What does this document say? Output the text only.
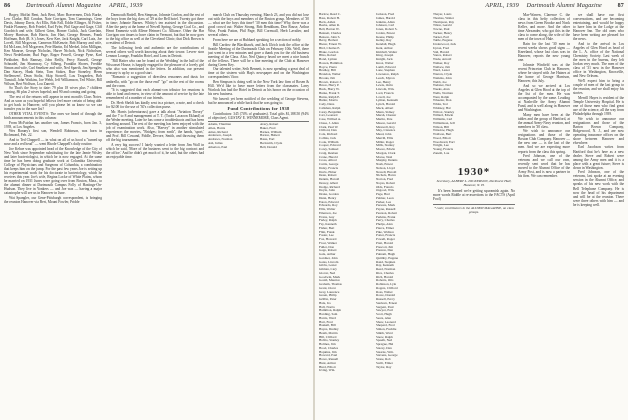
86	Dartmouth Alumni Magazine APRIL, 1939

Bogey, Moffat Bent, Jack Bent, Marc Bravermen, Dick Burke, Lew Clarke, Bill Condon, Nate Corrigan, Tom Cummings, Gene Davis, Johnny Davis, Art Ellis, Bob Fall, Eddie Ellinger, Al Fisher, Finkle Flannery, Bob Friedel, Earl Fyler, Phil Gage and Gage, Cliff Goodrich and wife, Gilbert Grim, Homer Gulick, Jack Guerlain, Morey Harrison, Bob Harris, Jim Hart, George Hennes, Frank Hoffman, Bob (R. S.) Jones, Kew Kee, Jack Knight, Carl Lutz, Joe Lovell, Bill Mcgowan, Cameron McKenzie, Bob Murray and wife, Ed McLean, Jeff Mcgavern, Pete Martin, Ed Merkel, John Milligan, Ken Munroe, George Nicholas, Harve Nichols, Nick Nicholson, Newt Nedeflanter, Bud Page, Roger Powell, George Pyne, Karl Piekhaber, Bob Ramsay, John Reilly, Percy Russell, George Schnadel, Jim Shumway, Cy Silberg, Franklin Shores, Freddie Simon and wife, Carl Smeltzer and wife, Ned Spaeth, Jim Spengler, Dan Stacey, Hank Stein, Tom Stokes, Burr Stoneley, Herm Stellenwerf, Dean Stoltz, Skip Stowell, Lou Teagarden, Bob Tunstall, John Watkins, Joe Webb, Jeff Williamson, Ted White, Bill Wilson, Bert Wolfson, Lou Zanetti.

So That's the Story to date: 79 plus 18 wives plus 7 children coming, 86 plus 2 wives hopeful; and 90 and coming and going.

The rest of the returns will appear in next month's Class Notes. And as soon as you hopeful fellows feel more certain of being able to get back to Hanover, will you please let us know so we can transfer you to the sure list?

OTHER VITAL EVENTS: The ones we heard of through the birth announcements in this column:

From McFairlan has another son, James Francis, born Jan. 3, 1939, at Los Angeles.

Wes Barany's first son, Wendell Robinson, was born in Richmond, Feb. 22.

And to Ted Chappell — in what on all of us hood a "turned up nose and a red head" — went Rhode Chappell's daily routine.

Joe Kehoe was appointed head of the Knowledge of the City of New York since September substituting for the late Jamie Wisley and later bacteriologist, in which he is now engaged. At the same time he has been doing graduate work at Columbia University College of Physicians and Surgeons of Columbia, a combination that keeps him on the jump. For the past few years Joe is setting up his experimental work for his doctorate in bacteriology, which he receives this year. Joe's wife, Regina Locke of White Plains, whom he married on 1931 Junes were going over from Boston, Mass., to the alumni dinner at Dartmouth Campus Folly of Hastings-On-Hudson. They live in Yonkers — and Joe was — having a major catastrophe will see us in Hanover in June.

Wat Spangler, our Gene-Pittsburgh correspondent, is bringing the reunion Hanover via Bert, Mount Fowler, Pridde

Darmouth Bodell, Ben Simpson, Johnnie Conlon, and the rest of the boys from the big class of '29 at the Bell hotel. Twenty got there in time; Johnnie Barnes. Whitty's ten assisted in the discussion. After the party at the home of Newell Spring, George Coal Co., and Henri Emmertz with Allene Heimert Co. Alliance. Other the Har Corrigan con tinues to have claim in Vermont, but that he now goes to the big office as well at the Cleveland Clinic; that Dick Brown is a resident of Detroit.

The following fresh and authentic are the contributions of several others well worth knowing about their towns: Leven- ston Lennon Lounge, Franklin Hotel, and Lons in Detroit.

"Bill Hatter who can be found at the Wedding' in the hall of the Wiscasset House, is happily engaged to the pleasure of a lovely girl who also was mentioned in the letters. In addition, our present treasury is up by so a good start.

"Romanic a suggestion of directless reasoners and dusts for umbrella, with "go on the those end" "go" on the rest of the rooms and the room.

"It is suggested that each alumni-con tributor for reunions is able to fund and renew, in view of the amount of service by the late remembered of a number of our friends.

Dr. Herb Sheldt has kindly sent in a picture, a note, and a check for $2.00 for the use of '30's collection purse.

Mr. Harris (adventurous) gave a talk about "Aviation Theory" and the 7 to 8 and management at T. T. (Toolo Lacaoon Eklund) at the Weder meeting. Later he has come a troubleshoots and has been traveling around. The rest of the meeting has been enjoyed with the job of examination work. Also, "Harvey" in another stimulated experience; the movies, "Bridges; from earth", the hands, 'sport,' and Prof. Bill Cowand, Fiddle, Devore, Smith, and throwing them off the big tournament.

A very big success! I lately wanted a letter from Jim Wall in which he said, 'More of the business went to the big contract and the office.' And he didn't get much of it, he said, but the others had an enjoyable time.

march Club on Thursday evening, March 23, and you did not lose out with the boys and members of the Boston group. Members of '30 — what are the boys this time? '30 men this time? Why, there was a good crowd out: Walter Strong, Bob Bendtham, Don Rouse, Arthur Wise, Frank Fatton, Phil Page, Bill Cornwall, Herb Lavalier, and several others.

From here we are at Hubbard speaking for a section of nobly.

Bill Cardow the Blackhawk, and Jack Ulrich took the office at the Seattle Meeting of the Dartmouth Club on February 10th. Well, there just went in a few minutes and gave a thank you for the old business meeting of the Class. Also, Ned Quincy heard we meet a nice bunch of the fellows. There will be a fine meeting of the Club at Hanover during Green Key.

Our talented writer, Seth Bennett, is now spending a great deal of time at the sixteen with Hap's newspaper and on the Washington correspondents' floor.

Ben Simpson is doing well in the New York law firm of Rosen & Hill. We'd like to have more letters from the classmates. Larry Warlock has had the Hotel in Detroit as his honor on the occasion of his new business.

We haven't yet been notified of the wedding of George Stevens, but he announced a while back that he was going to.

Fund Contributions for 1938

Contributors: 345 (74% of graduates). Total gifts $1,188.50 (94% of objective). GUSTAV E. WINNEMORE, Class Agent.

Adams, Thurman
Allen, Harris
Ames, Richard
Anderson, Joseph
Andrews, Norman
Ash, Julius
Atherton, Paul
Avery, Robert
Baker, Fred
Barnes, William
Barton, Hubert
Bates, Earl
Beckwith, Clyde
Bell, Donald
APRIL, 1939 Dartmouth Alumni Magazine	87
Barlow, Reed C.
Bass, Robert H.
Beck, Alden
Beebe, Allen R.
Bell, Barton W.
Bennett, Charles
Benson, John S.
Berry, Herbert
Bierer, Ernest W.
Bird, Charles E.
Blake, Gordon
Bliss, Robert
Bond, Lyman
Bowen, Hamilton
Boyce, Pierre
Bradley, Bill
Brandon, Walter
Brooks, Jim
Brown, Robert J.
Bruce, Harry P.
Buck, Harry W.
Burke, Frank T.
Burns, Ralph E.
Butler, Morris
Cady, Dana
Callahan, Ralph
Carey, Benjamin
Carr, Leonard
Case, Wilfred A.
Chase, J. Allen
Clark, Paul W.
Clifford, Dan
Cole, Richard
Collins, Jack
Cook, William
Cooper, Edward
Corey, Samuel
Craig, Reuben
Crane, Harold
Cross, Alfred
Curtis, George
Daley, Francis
Davis, Elmer
Dean, Robert
Dennis, Harold
Dewey, Albert
Dodge, Richard
Doyle, John
Drake, Gordon
Dunn, Henry
Eaton, Edward
Edwards, Roy
Ellis, Walter
Emerson, Joe
Evans, Guy
Farley, Ralph
Fay, Kenneth
Fisher, Bert
Flint, Frank
Foster, Lee
Fox, Howard
Frost, Walker
Fuller, Don
Gage, Robert
Gale, Arthur
Gardner, John
Gates, Lincoln
Gibbs, Lester
Gilman, Cary
Glover, Ned
Goodwin, Mark
Gould, Maurice
Graham, Thomas
Grant, Oscar
Gray, Laurence
Green, Philip
Griffin, Peter
Hale, Ira
Hall, Norris
Hamilton, Ralph
Harding, Sam
Harris, Ward
Hart, Fred
Haskell, Bill
Hayes, Dudley
Heath, Martin
Hill, Clifford
Hobbs, Stanley
Holmes, Jim
Hood, Charles
Hopkins, Jim
Howard, Paul
Howe, Russell
Hunt, Arthur
Hurd, Elliott
Irving, Wm.
Jackson, Fred
James, Harold
Jenkins, Allen
Johnson, Carl
Jones, Robert S.
Jordan, Ernest
Keene, Philip
Kelley, Ray
Kendall, Hugh
Kent, Arthur
Kimball, Walter
King, Joseph
Knight, Jack
Knox, Walter
Lamb, Edward
Lane, Stephen
Lawrence, Ralph
Leach, Myron
Lee, Henry
Lewis, Orrin
Lincoln, Wm.
Lord, Francis
Lovell, Joe
Lyman, Kenneth
Lynch, Harold
Mack, Albert
Mann, Sidney
Marsh, Chester
Martin, Pete
Mason, Gerald
Maxwell, Roy
May, Clarence
Mead, John
Merrill, Ellis
Miller, Roger
Mills, Stanley
Moore, Edwin
Morgan, Clark
Morse, Neal
Murphy, Dennis
Nash, Ernest
Nelson, Lloyd
Newell, Harold
Nichols, Harve
Norton, Fred
Noyes, Robert
Olds, Francis
Osgood, Wm.
Page, Bud
Palmer, Leon
Parker, Lee
Parsons, Mark
Payne, Russell
Pearson, Robert
Perkins, Frank
Perry, Charles
Phelps, Alan
Pierce, Elmer
Pike, Wallace
Potter, Francis
Powell, Roger
Pratt, Harold
Prescott, Jim
Preston, Dan
Putnam, Hugh
Quimby, Eugene
Rand, Stephen
Ray, Kenneth
Reed, Norman
Rice, Charles
Rich, Harold
Roberts, Otis
Robinson, Lyle
Rogers, Clifford
Ross, Walter
Rowe, Donald
Russell, Percy
Sanborn, Ernest
Sargent, Paul
Sawyer, Earl
Scott, Hugh
Sears, Alan
Shaw, Leonard
Shepard, Fred
Simon, Freddie
Smith, Ward
Snow, Ralph
Spaeth, Ned
Sprague, Hal
Stacey, Dan
Stearns, Wm.
Stevens, George
Stone, Rob
Swift, Elmer
Taylor, Ray
Thayer, Louis
Thomas, Walter
Thompson, Ray
Tilton, Gerald
Towne, Paul
Tucker, Henry
Turner, Earl
Tuttle, Eugene
Underwood, Jack
Upton, Fred
Vail, Harold
Vance, Robert
Wade, Arnold
Walker, Roy
Wallace, Jim
Ward, Lester
Warren, Clyde
Watkins, John
Webb, Joe
Webster, Ned
Weeks, Alan
Wells, Norman
West, Ralph
Wheeler, Don
White, Ted
Whitney, Hal
Wilcox, Stanley
Willard, Edwin
Williams, Carl
Williamson, Jeff
Wilson, Bill
Winslow, Hugh
Wolfson, Bert
Wood, Elliott
Woodward, Earl
Wright, Lee
Young, Francis
Zanetti, Lou
1930*
Secretary, ALBERT L. DICKERSON, Parkhurst Hall, Hanover, N. H.

It's been learned we're getting squeamish again. No more words Riddle at re-assertions to the FACTS (April Fool)

* cash; contributors in the ALUMNI MAGAZINE, on class groups.

Mar-Warren, Clarence C. the class in this hefty collection of news from Green Brooke and Nook Keller, and more. And the other time Alexander, who got this in the class to come along, the wife of the men of the town of Hale.

Rain for the last '30 men in recent weeks shows good signs — Kneeland, whose last class was in Hanover, reports the new young one.

Johnnie Winfield was at the recent Princeton Club in Hanover, where he stayed with Joe Haines at the home of George Harrison, Hanover, this July.

And so we arrived at Los Angeles at Glen Hood at the top of the list of the men. He was accompanied by the same. Leading at Nashville the Army Alumni Fund, and is well along in Hanover and Washington.

Many men have been at the tables and the group of Hartford, at the annual Army-Navy reunion, and members in '30 class.

We wish to announce our resignations and those of the Boston Club Company. Hanover — the new one — is the last of the men. And we are expecting more reports from the class this spring.

Fred Johnson, one of the veterans and we call our own, recently sent word that he has moved to the Alumni Office of the Army Post, and is now a partner in his firm. We can remember.

we shall have our first conversations, and are becoming entertaining, and would be happy to have him in the Lodge at the Hanover Inn. The old ones who have been writing are pleased for the news.

And to the arrival in Los Angeles of Glen Hood as head of the L. A. office of the National Chemistry Society. Last week of the men in the bureau, they left Jordan very much. The men of the class of '31 now in the Hanover office in Washington, Knoxville, and New Orleans.

We'll expect him to bring a couple of men of the last group to the reunion, and we shall enjoy his stories.

Merrill Hayes is resident of the Temple University Hospital. He is one of those men who find great use of the science, all the way from Philadelphia through 1939.

We wish to announce our resignations and those of the Barton Brown Company, Ridgewood, N. J., and are now operating insurance offices on the shore between Hanover and elsewhere.

Earl Jacobson writes from Hartford that he's here as a new dealer. Steve and Robert were among the Army men and it is a place with a great future; Steve is down in Washington.

Fred Johnson, one of the veterans, last spoke at an evening session in the Alumni Office, and speaks of his new work with the Bell Telephone Company. He is now the head of his department and will be at the reunion. There were three others with him — and he is keeping well.
